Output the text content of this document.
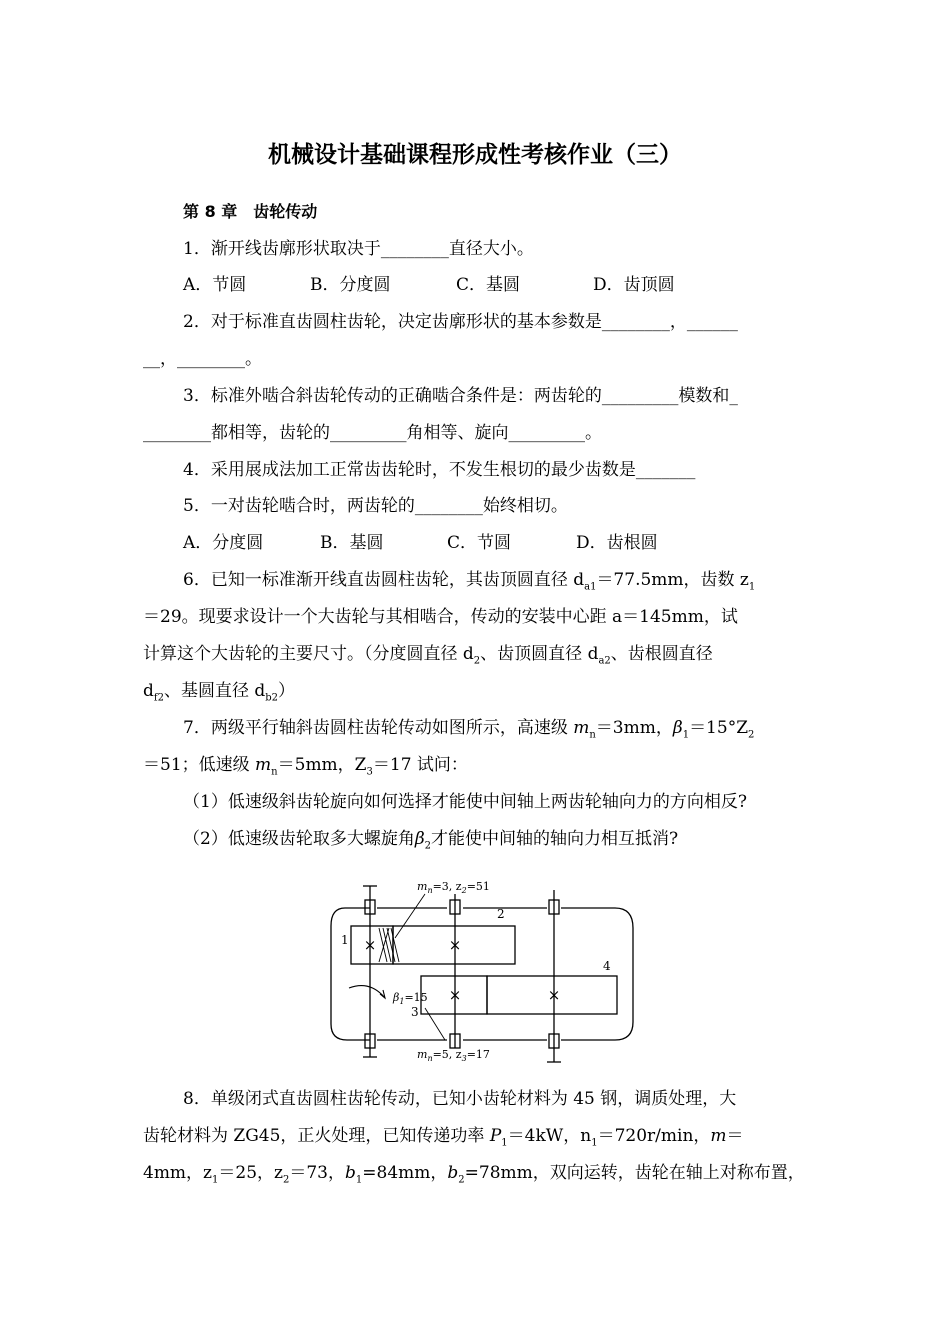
机械设计基础课程形成性考核作业（三）
第 8 章　齿轮传动
1．渐开线齿廓形状取决于________直径大小。
A．节圆	B．分度圆	C．基圆	D．齿顶圆
2．对于标准直齿圆柱齿轮，决定齿廓形状的基本参数是________，______
__，________。
3．标准外啮合斜齿轮传动的正确啮合条件是：两齿轮的_________模数和_
________都相等，齿轮的_________角相等、旋向_________。
4．采用展成法加工正常齿齿轮时，不发生根切的最少齿数是_______
5．一对齿轮啮合时，两齿轮的________始终相切。
A．分度圆	B．基圆	C．节圆	D．齿根圆
6．已知一标准渐开线直齿圆柱齿轮，其齿顶圆直径 $d_{a1}=77.5mm$，齿数 $z_1$
＝29。现要求设计一个大齿轮与其相啮合，传动的安装中心距 a＝145mm，试
计算这个大齿轮的主要尺寸。（分度圆直径 $d_2$、齿顶圆直径 $d_{a2}$、齿根圆直径
$d_{f2}$、基圆直径 $d_{b2}$）
7．两级平行轴斜齿圆柱齿轮传动如图所示，高速级 $m_n=3mm$，$\beta_1=15^\circ Z_2$
＝51；低速级 $m_n=5mm$，$Z_3=17$ 试问：
（1）低速级斜齿轮旋向如何选择才能使中间轴上两齿轮轴向力的方向相反?
（2）低速级齿轮取多大螺旋角$\beta_2$才能使中间轴的轴向力相互抵消?
×	×
×	×
1
2
3
4
$m_n=3$, $z_2=51$
$m_n=5$, $z_3=17$
$\beta_1=15$
8．单级闭式直齿圆柱齿轮传动，已知小齿轮材料为 45 钢，调质处理，大
齿轮材料为 ZG45，正火处理，已知传递功率 $P_1=4kW$，$n_1=720r/\min$，m＝
4mm，$z_1=25$，$z_2=73$，$b_1=84mm$，$b_2=78mm$，双向运转，齿轮在轴上对称布置，
